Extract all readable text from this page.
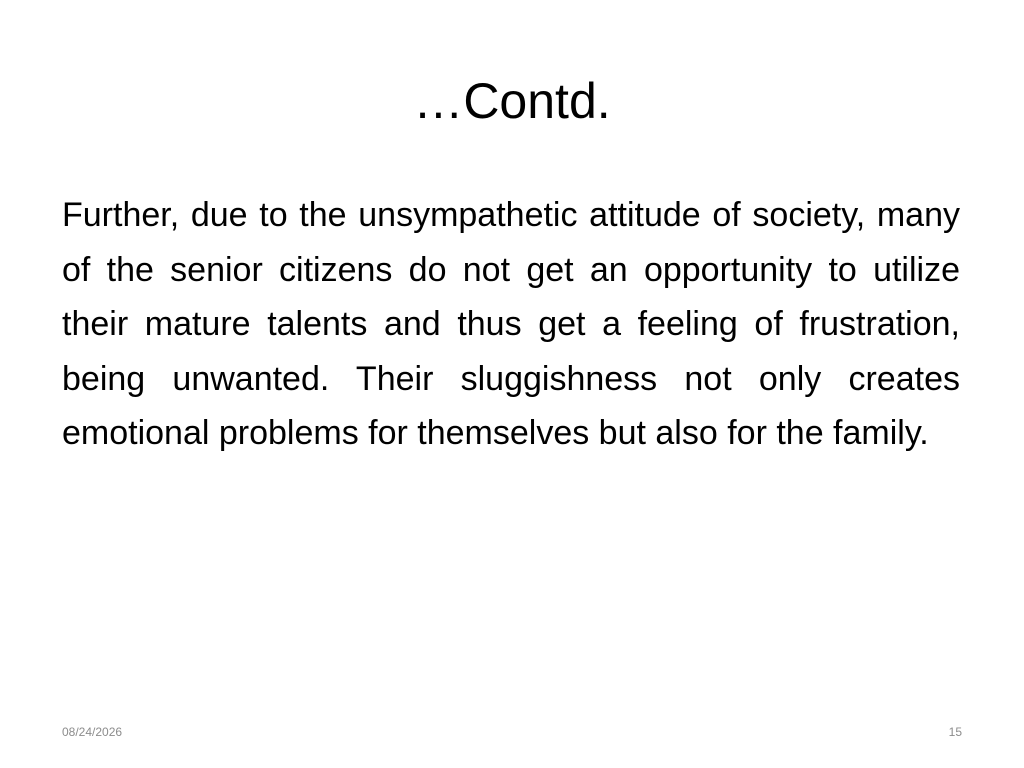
…Contd.

Further, due to the unsympathetic attitude of society, many of the senior citizens do not get an opportunity to utilize their mature talents and thus get a feeling of frustration, being unwanted. Their sluggishness not only creates emotional problems for themselves but also for the family.

08/24/2026	15
